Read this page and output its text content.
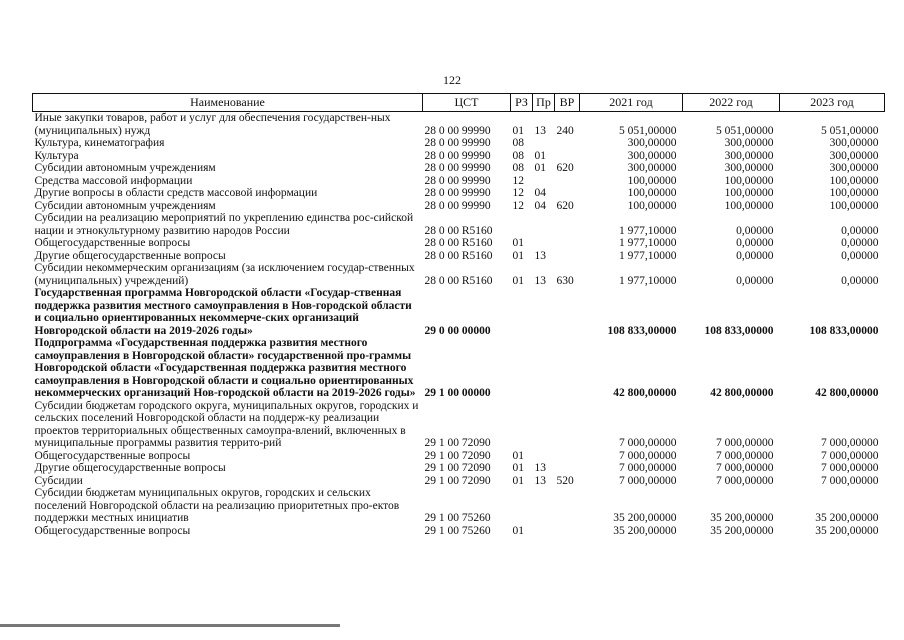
122
Наименование	ЦСТ	РЗ	Пр	ВР	2021 год	2022 год	2023 год
Иные закупки товаров, работ и услуг для обеспечения государствен-ных (муниципальных) нужд	28 0 00 99990	01	13	240	5 051,00000	5 051,00000	5 051,00000
Культура, кинематография	28 0 00 99990	08			300,00000	300,00000	300,00000
Культура	28 0 00 99990	08	01		300,00000	300,00000	300,00000
Субсидии автономным учреждениям	28 0 00 99990	08	01	620	300,00000	300,00000	300,00000
Средства массовой информации	28 0 00 99990	12			100,00000	100,00000	100,00000
Другие вопросы в области средств массовой информации	28 0 00 99990	12	04		100,00000	100,00000	100,00000
Субсидии автономным учреждениям	28 0 00 99990	12	04	620	100,00000	100,00000	100,00000
Субсидии на реализацию мероприятий по укреплению единства рос-сийской нации и этнокультурному развитию народов России	28 0 00 R5160				1 977,10000	0,00000	0,00000
Общегосударственные вопросы	28 0 00 R5160	01			1 977,10000	0,00000	0,00000
Другие общегосударственные вопросы	28 0 00 R5160	01	13		1 977,10000	0,00000	0,00000
Субсидии некоммерческим организациям (за исключением государ-ственных (муниципальных) учреждений)	28 0 00 R5160	01	13	630	1 977,10000	0,00000	0,00000
Государственная программа Новгородской области «Государ-ственная поддержка развития местного самоуправления в Нов-городской области и социально ориентированных некоммерче-ских организаций Новгородской области на 2019-2026 годы»	29 0 00 00000				108 833,00000	108 833,00000	108 833,00000
Подпрограмма «Государственная поддержка развития местного самоуправления в Новгородской области» государственной про-граммы Новгородской области «Государственная поддержка развития местного самоуправления в Новгородской области и социально ориентированных некоммерческих организаций Нов-городской области на 2019-2026 годы»	29 1 00 00000				42 800,00000	42 800,00000	42 800,00000
Субсидии бюджетам городского округа, муниципальных округов, городских и сельских поселений Новгородской области на поддерж-ку реализации проектов территориальных общественных самоупра-влений, включенных в муниципальные программы развития террито-рий	29 1 00 72090				7 000,00000	7 000,00000	7 000,00000
Общегосударственные вопросы	29 1 00 72090	01			7 000,00000	7 000,00000	7 000,00000
Другие общегосударственные вопросы	29 1 00 72090	01	13		7 000,00000	7 000,00000	7 000,00000
Субсидии	29 1 00 72090	01	13	520	7 000,00000	7 000,00000	7 000,00000
Субсидии бюджетам муниципальных округов, городских и сельских поселений Новгородской области на реализацию приоритетных про-ектов поддержки местных инициатив	29 1 00 75260				35 200,00000	35 200,00000	35 200,00000
Общегосударственные вопросы	29 1 00 75260	01			35 200,00000	35 200,00000	35 200,00000
